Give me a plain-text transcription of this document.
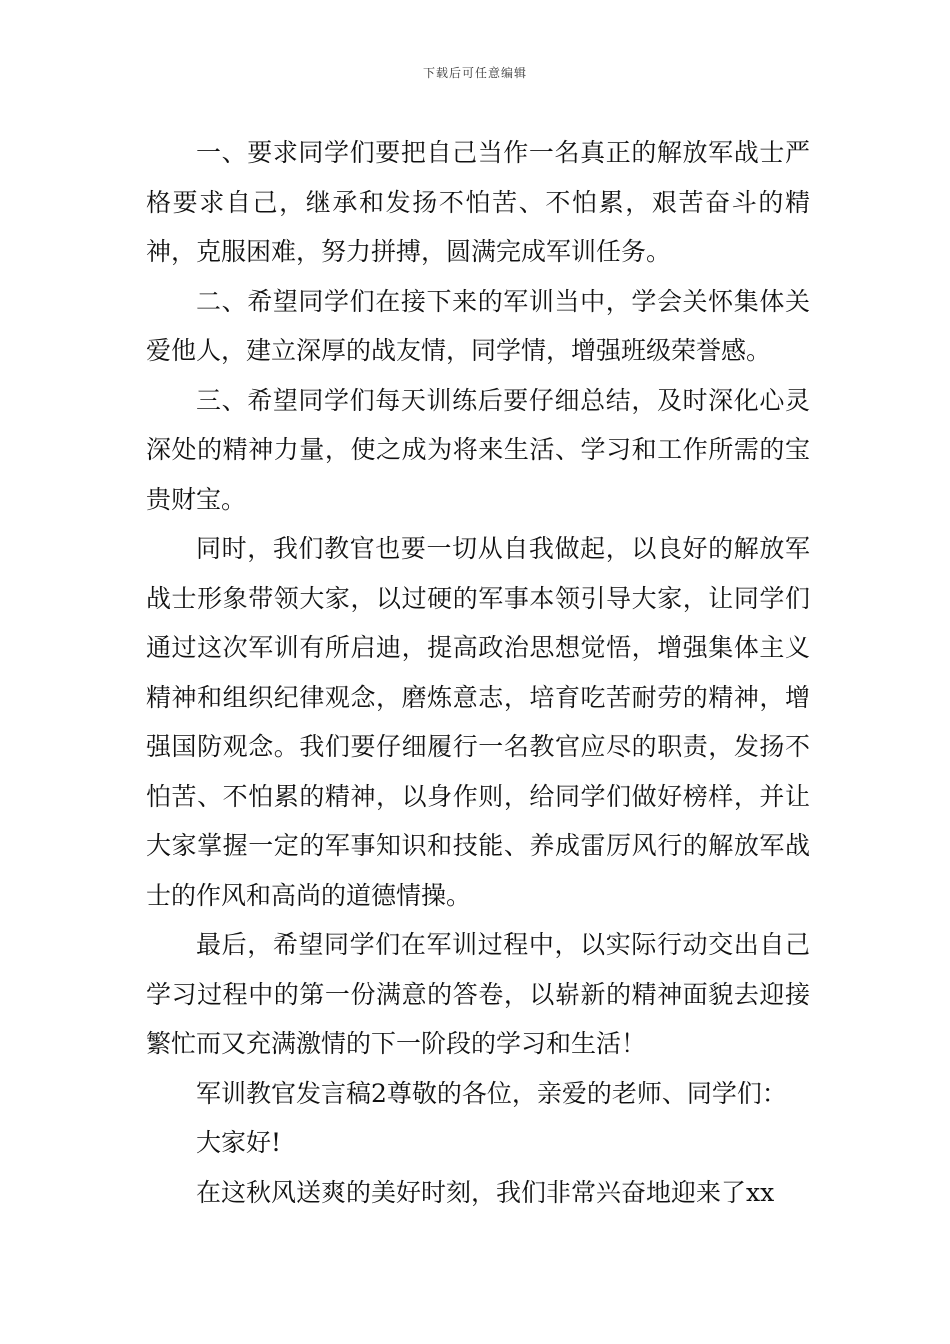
下载后可任意编辑

一、要求同学们要把自己当作一名真正的解放军战士严格要求自己，继承和发扬不怕苦、不怕累，艰苦奋斗的精神，克服困难，努力拼搏，圆满完成军训任务。

二、希望同学们在接下来的军训当中，学会关怀集体关爱他人，建立深厚的战友情，同学情，增强班级荣誉感。

三、希望同学们每天训练后要仔细总结，及时深化心灵深处的精神力量，使之成为将来生活、学习和工作所需的宝贵财宝。

同时，我们教官也要一切从自我做起，以良好的解放军战士形象带领大家，以过硬的军事本领引导大家，让同学们通过这次军训有所启迪，提高政治思想觉悟，增强集体主义精神和组织纪律观念，磨炼意志，培育吃苦耐劳的精神，增强国防观念。我们要仔细履行一名教官应尽的职责，发扬不怕苦、不怕累的精神，以身作则，给同学们做好榜样，并让大家掌握一定的军事知识和技能、养成雷厉风行的解放军战士的作风和高尚的道德情操。

最后，希望同学们在军训过程中，以实际行动交出自己学习过程中的第一份满意的答卷，以崭新的精神面貌去迎接繁忙而又充满激情的下一阶段的学习和生活！

军训教官发言稿2尊敬的各位，亲爱的老师、同学们：

大家好!

在这秋风送爽的美好时刻，我们非常兴奋地迎来了xx
